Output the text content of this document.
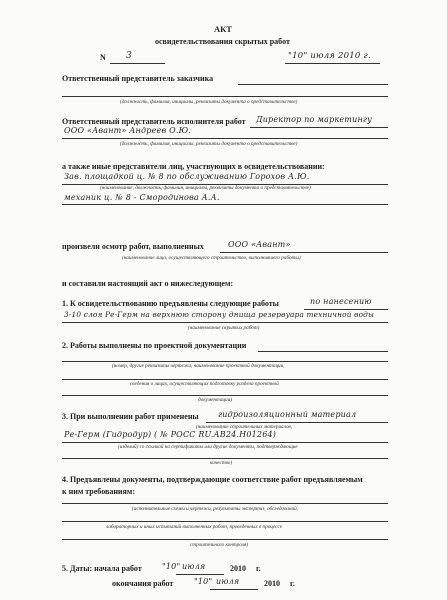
АКТ
освидетельствования скрытых работ
N 3	"10" июля 2010 г.
Ответственный представитель заказчика
(должность, фамилия, инициалы, реквизиты документа о представительстве)
Ответственный представитель исполнителя работ Директор по маркетингу
ООО «Авант» Андреев О.Ю.
(должность, фамилия, инициалы, реквизиты документа о представительстве)
а также иные представители лиц, участвующих в освидетельствовании:
Зав. площадкой ц. № 8 по обслуживанию Горохов А.Ю.
(наименование, должность, фамилия, инициалы, реквизиты документа о представительстве)
механик ц. № 8 - Смородинова А.А.
произвели осмотр работ, выполненных	ООО «Авант»
(наименование лица, осуществляющего строительство, выполнившего работы)
и составили настоящий акт о нижеследующем:
1. К освидетельствованию предъявлены следующие работы	по нанесению
3-10 слоя Ре-Герм на верхнюю сторону днища резервуара техничной воды
(наименование скрытых работ)
2. Работы выполнены по проектной документации
(номер, другие реквизиты чертежа, наименование проектной документации,
сведения о лицах, осуществляющих подготовку раздела проектной
документации)
3. При выполнении работ применены гидроизоляционный материал
(наименование строительных материалов,
Ре-Герм (Гидродур) ( № РОСС RU.АВ24.Н01264)
(изделий) со ссылкой на сертификаты или другие документы, подтверждающие
качество)
4. Предъявлены документы, подтверждающие соответствие работ предъявляемым
к ним требованиям:
(исполнительные схемы и чертежи, результаты экспертиз, обследований,
лабораторных и иных испытаний выполненных работ, проведенных в процессе
строительного контроля)
5. Даты: начала работ	"10" июля	2010 г.
окончания работ	"10" июля	2010 г.
